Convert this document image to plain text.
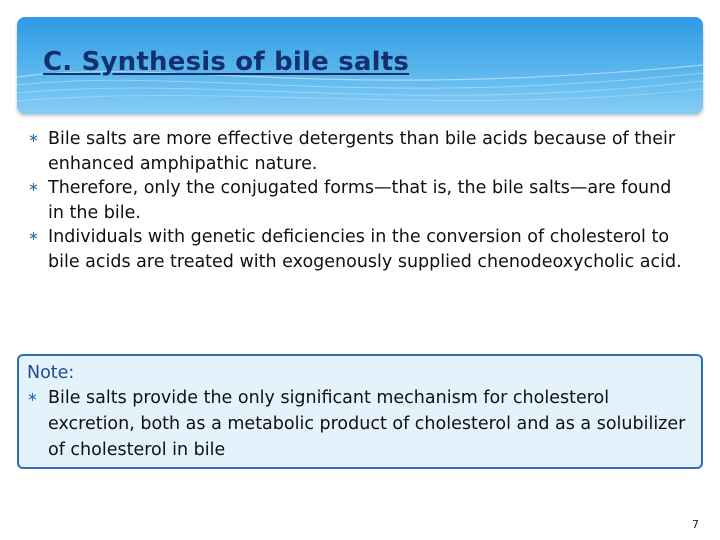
C. Synthesis of bile salts
∗ Bile salts are more effective detergents than bile acids because of their enhanced amphipathic nature.
∗ Therefore, only the conjugated forms—that is, the bile salts—are found in the bile.
∗ Individuals with genetic deficiencies in the conversion of cholesterol to bile acids are treated with exogenously supplied chenodeoxycholic acid.

Note:

∗ Bile salts provide the only significant mechanism for cholesterol excretion, both as a metabolic product of cholesterol and as a solubilizer of cholesterol in bile
7
